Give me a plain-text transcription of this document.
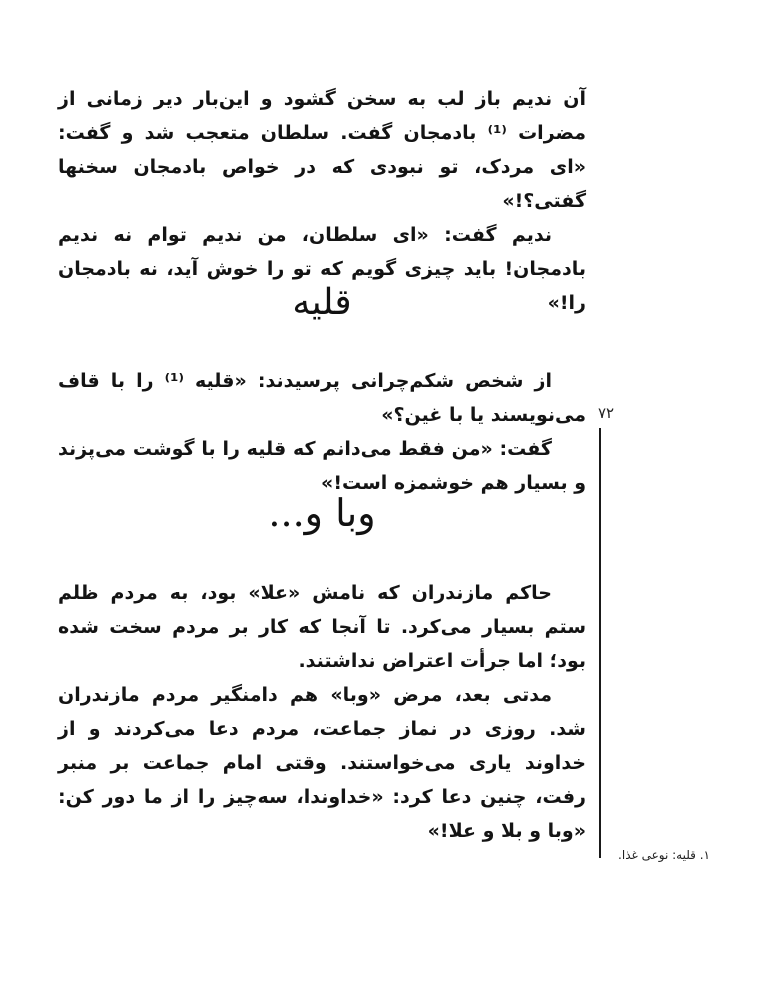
آن ندیم باز لب به سخن گشود و این‌بار دیر زمانی از مضرات ⁽¹⁾ بادمجان گفت. سلطان متعجب شد و گفت: «ای مردک، تو نبودی که در خواص بادمجان سخنها گفتی؟!»

ندیم گفت: «ای سلطان، من ندیم توام نه ندیم بادمجان! باید چیزی گویم که تو را خوش آید، نه بادمجان را!»

قلیه

از شخص شکم‌چرانی پرسیدند: «قلیه ⁽¹⁾ را با قاف می‌نویسند یا با غین؟»

گفت: «من فقط می‌دانم که قلیه را با گوشت می‌پزند و بسیار هم خوشمزه است!»

وبا و...

حاکم مازندران که نامش «علا» بود، به مردم ظلم ستم بسیار می‌کرد. تا آنجا که کار بر مردم سخت شده بود؛ اما جرأت اعتراض نداشتند.

مدتی بعد، مرض «وبا» هم دامنگیر مردم مازندران شد. روزی در نماز جماعت، مردم دعا می‌کردند و از خداوند یاری می‌خواستند. وقتی امام جماعت بر منبر رفت، چنین دعا کرد: «خداوندا، سه‌چیز را از ما دور کن: «وبا و بلا و علا!»

۷۲
۱. قلیه: نوعی غذا.
